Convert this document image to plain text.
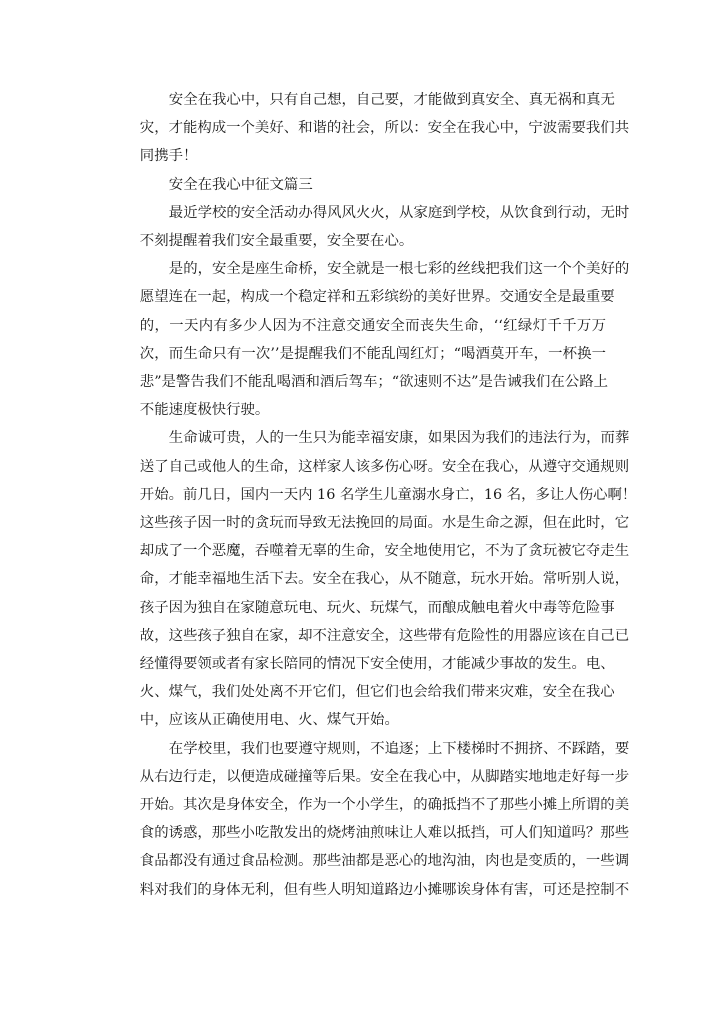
安全在我心中，只有自己想，自己要，才能做到真安全、真无祸和真无
灾，才能构成一个美好、和谐的社会，所以：安全在我心中，宁波需要我们共
同携手！

安全在我心中征文篇三

最近学校的安全活动办得风风火火，从家庭到学校，从饮食到行动，无时
不刻提醒着我们安全最重要，安全要在心。

是的，安全是座生命桥，安全就是一根七彩的丝线把我们这一个个美好的
愿望连在一起，构成一个稳定祥和五彩缤纷的美好世界。交通安全是最重要
的，一天内有多少人因为不注意交通安全而丧失生命，‘‘红绿灯千千万万
次，而生命只有一次’’是提醒我们不能乱闯红灯；“喝酒莫开车，一杯换一
悲”是警告我们不能乱喝酒和酒后驾车；“欲速则不达”是告诫我们在公路上
不能速度极快行驶。

生命诚可贵，人的一生只为能幸福安康，如果因为我们的违法行为，而葬
送了自己或他人的生命，这样家人该多伤心呀。安全在我心，从遵守交通规则
开始。前几日，国内一天内 16 名学生儿童溺水身亡，16 名，多让人伤心啊！
这些孩子因一时的贪玩而导致无法挽回的局面。水是生命之源，但在此时，它
却成了一个恶魔，吞噬着无辜的生命，安全地使用它，不为了贪玩被它夺走生
命，才能幸福地生活下去。安全在我心，从不随意，玩水开始。常听别人说，
孩子因为独自在家随意玩电、玩火、玩煤气，而酿成触电着火中毒等危险事
故，这些孩子独自在家，却不注意安全，这些带有危险性的用器应该在自己已
经懂得要领或者有家长陪同的情况下安全使用，才能减少事故的发生。电、
火、煤气，我们处处离不开它们，但它们也会给我们带来灾难，安全在我心
中，应该从正确使用电、火、煤气开始。

在学校里，我们也要遵守规则，不追逐；上下楼梯时不拥挤、不踩踏，要
从右边行走，以便造成碰撞等后果。安全在我心中，从脚踏实地地走好每一步
开始。其次是身体安全，作为一个小学生，的确抵挡不了那些小摊上所谓的美
食的诱惑，那些小吃散发出的烧烤油煎味让人难以抵挡，可人们知道吗？那些
食品都没有通过食品检测。那些油都是恶心的地沟油，肉也是变质的，一些调
料对我们的身体无利，但有些人明知道路边小摊哪诶身体有害，可还是控制不
